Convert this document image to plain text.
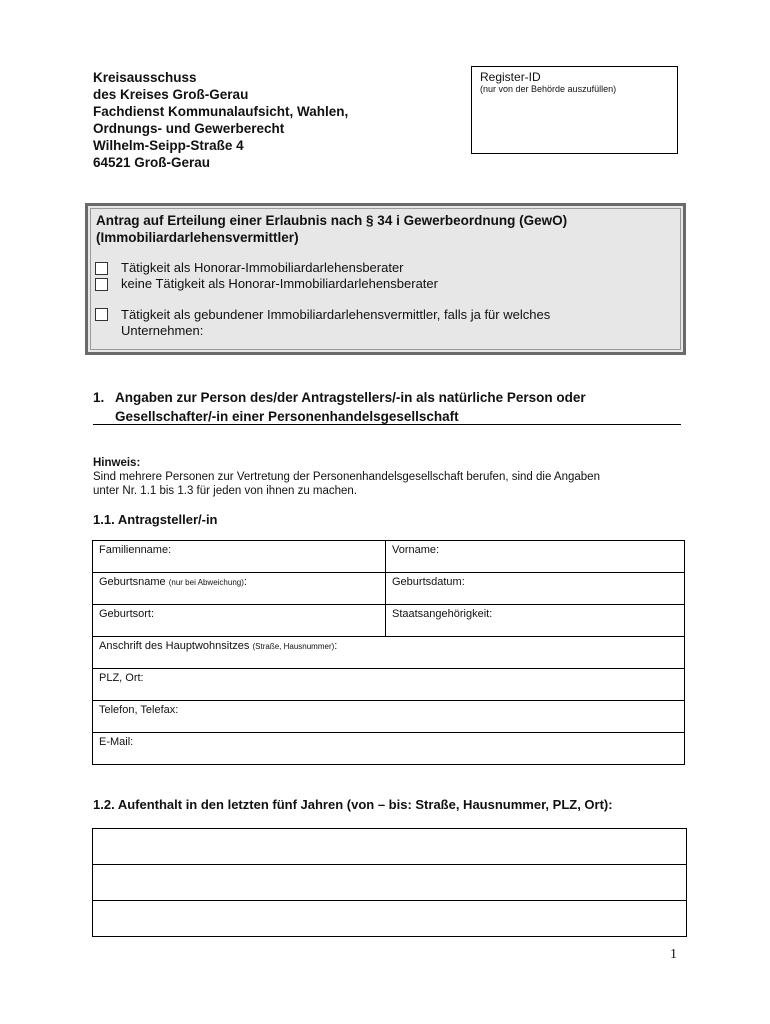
Kreisausschuss
des Kreises Groß-Gerau
Fachdienst Kommunalaufsicht, Wahlen,
Ordnungs- und Gewerberecht
Wilhelm-Seipp-Straße 4
64521 Groß-Gerau
Register-ID
(nur von der Behörde auszufüllen)
Antrag auf Erteilung einer Erlaubnis nach § 34 i Gewerbeordnung (GewO)
(Immobiliardarlehensvermittler)
Tätigkeit als Honorar-Immobiliardarlehensberater
keine Tätigkeit als Honorar-Immobiliardarlehensberater
Tätigkeit als gebundener Immobiliardarlehensvermittler, falls ja für welches
Unternehmen:
1. Angaben zur Person des/der Antragstellers/-in als natürliche Person oder
Gesellschafter/-in einer Personenhandelsgesellschaft
Hinweis:
Sind mehrere Personen zur Vertretung der Personenhandelsgesellschaft berufen, sind die Angaben
unter Nr. 1.1 bis 1.3 für jeden von ihnen zu machen.
1.1. Antragsteller/-in
Familienname:	Vorname:
Geburtsname (nur bei Abweichung):	Geburtsdatum:
Geburtsort:	Staatsangehörigkeit:
Anschrift des Hauptwohnsitzes (Straße, Hausnummer):	
PLZ, Ort:	
Telefon, Telefax:	
E-Mail:	
1.2. Aufenthalt in den letzten fünf Jahren (von – bis: Straße, Hausnummer, PLZ, Ort):

1
